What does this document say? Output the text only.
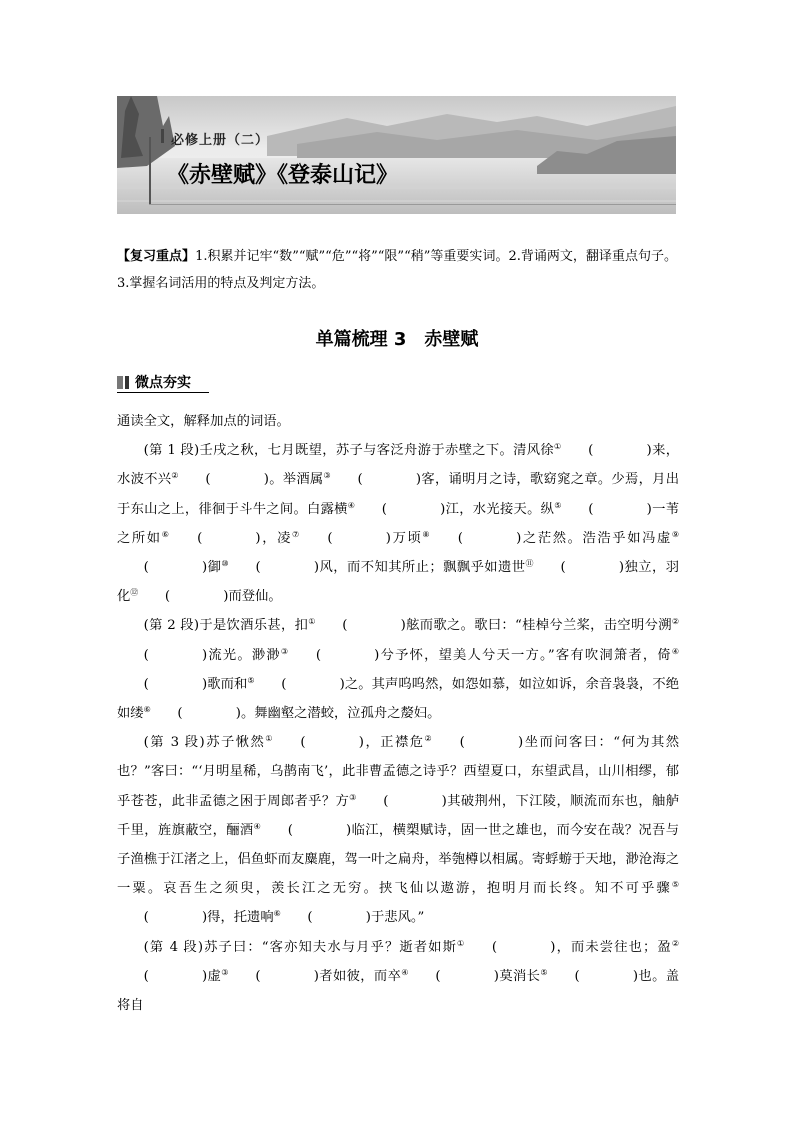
必修上册（二）
《赤壁赋》《登泰山记》
【复习重点】1.积累并记牢“数”“赋”“危”“将”“限”“稍”等重要实词。2.背诵两文，翻译重点句子。3.掌握名词活用的特点及判定方法。
单篇梳理 3　赤壁赋
微点夯实

通读全文，解释加点的词语。

(第 1 段)壬戌之秋，七月既望，苏子与客泛舟游于赤壁之下。清风徐① (　　　　)来，水波不兴② (　　　　)。举酒属③ (　　　　)客，诵明月之诗，歌窈窕之章。少焉，月出于东山之上，徘徊于斗牛之间。白露横④ (　　　　)江，水光接天。纵⑤ (　　　　)一苇之所如⑥ (　　　　)，凌⑦ (　　　　)万顷⑧ (　　　　)之茫然。浩浩乎如冯虚⑨(　　　　)御⑩ (　　　　)风，而不知其所止；飘飘乎如遗世⑪ (　　　　)独立，羽化⑫ (　　　　)而登仙。

(第 2 段)于是饮酒乐甚，扣① (　　　　)舷而歌之。歌曰：“桂棹兮兰桨，击空明兮溯②(　　　　)流光。渺渺③ (　　　　)兮予怀，望美人兮天一方。”客有吹洞箫者，倚④(　　　　)歌而和⑤ (　　　　)之。其声呜呜然，如怨如慕，如泣如诉，余音袅袅，不绝如缕⑥ (　　　　)。舞幽壑之潜蛟，泣孤舟之嫠妇。

(第 3 段)苏子愀然① (　　　　)，正襟危② (　　　　)坐而问客曰：“何为其然也？”客曰：“‘月明星稀，乌鹊南飞’，此非曹孟德之诗乎？西望夏口，东望武昌，山川相缪，郁乎苍苍，此非孟德之困于周郎者乎？方③ (　　　　)其破荆州，下江陵，顺流而东也，舳舻千里，旌旗蔽空，酾酒④ (　　　　)临江，横槊赋诗，固一世之雄也，而今安在哉？况吾与子渔樵于江渚之上，侣鱼虾而友麋鹿，驾一叶之扁舟，举匏樽以相属。寄蜉蝣于天地，渺沧海之一粟。哀吾生之须臾，羡长江之无穷。挟飞仙以遨游，抱明月而长终。知不可乎骤⑤(　　　　)得，托遗响⑥ (　　　　)于悲风。”

(第 4 段)苏子曰：“客亦知夫水与月乎？逝者如斯① (　　　　)，而未尝往也；盈②(　　　　)虚③ (　　　　)者如彼，而卒④ (　　　　)莫消长⑤ (　　　　)也。盖将自
